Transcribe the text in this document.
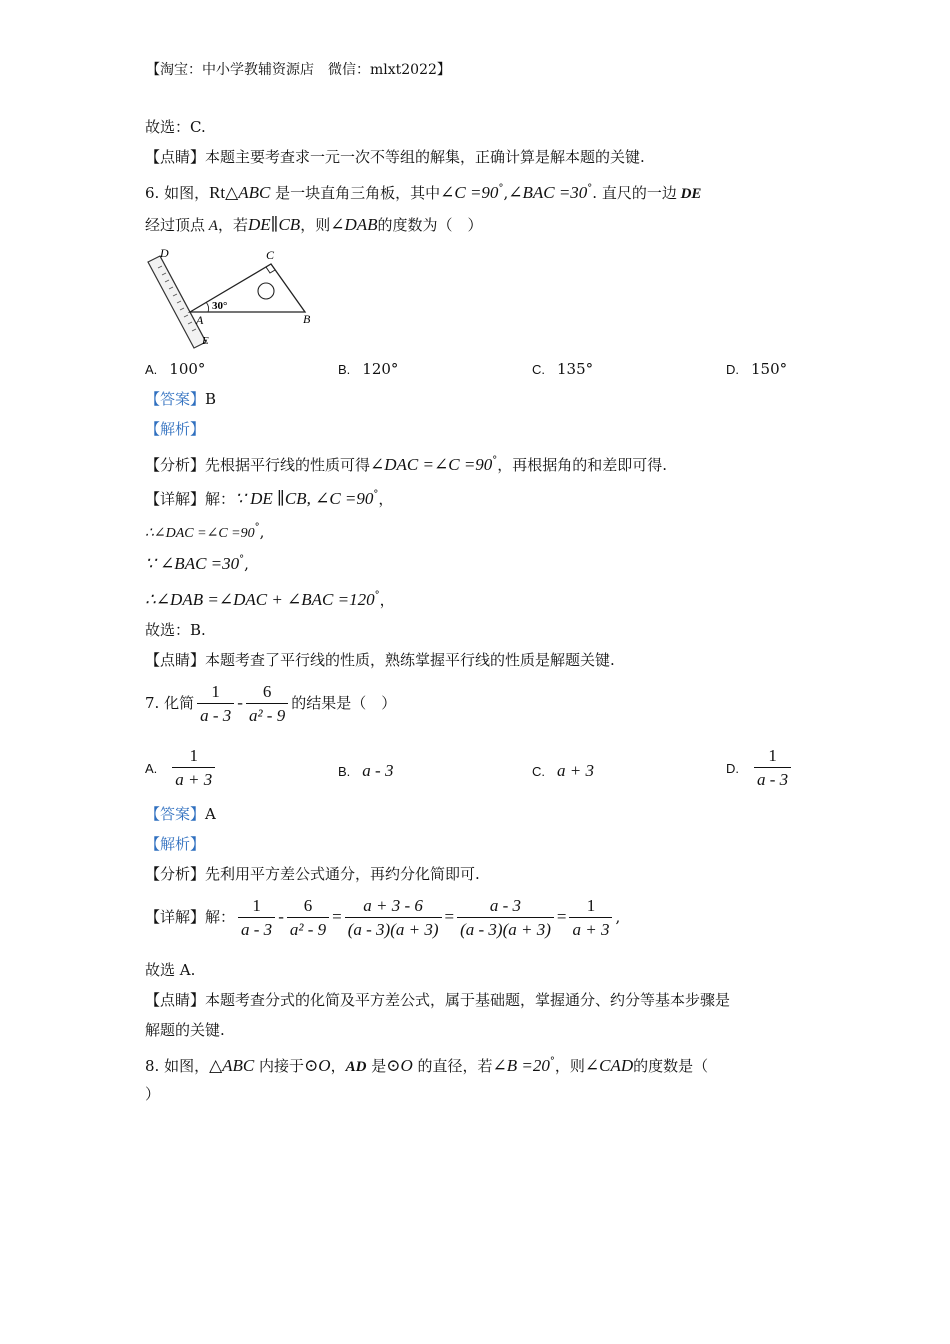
【淘宝：中小学教辅资源店　微信：mlxt2022】
故选：C.
【点睛】本题主要考查求一元一次不等组的解集，正确计算是解本题的关键.
6. 如图，Rt△ABC 是一块直角三角板，其中∠C =90°,∠BAC =30°. 直尺的一边 DE
经过顶点 A，若DE∥CB，则∠DAB的度数为（　）
D	C
A	B
E
30°
A. 100°	B. 120°	C. 135°	D. 150°
【答案】B
【解析】
【分析】先根据平行线的性质可得∠DAC =∠C =90°，再根据角的和差即可得.
【详解】解：∵ DE ∥CB, ∠C =90°，
∴∠DAC =∠C =90°,
∵ ∠BAC =30°,
∴∠DAB =∠DAC + ∠BAC =120°，
故选：B.
【点睛】本题考查了平行线的性质，熟练掌握平行线的性质是解题关键.
7. 化简 $\frac{1}{a - 3} - \frac{6}{\text{a² - 9}}$ 的结果是（　）
A. $\frac{1}{a + 3}$	B. a - 3	C. a + 3	D. $\frac{1}{a - 3}$
【答案】A
【解析】
【分析】先利用平方差公式通分，再约分化简即可.
【详解】解： $\frac{1}{a - 3} - \frac{6}{\text{a² - 9}} = \frac{a + 3 - 6}{(a - 3)(a + 3)} = \frac{a - 3}{(a - 3)(a + 3)} = \frac{1}{a + 3}$ ,
故选 A.
【点睛】本题考查分式的化简及平方差公式，属于基础题，掌握通分、约分等基本步骤是
解题的关键.
8. 如图，△ABC 内接于⊙O，AD 是⊙O 的直径，若∠B =20°，则∠CAD的度数是（
）
